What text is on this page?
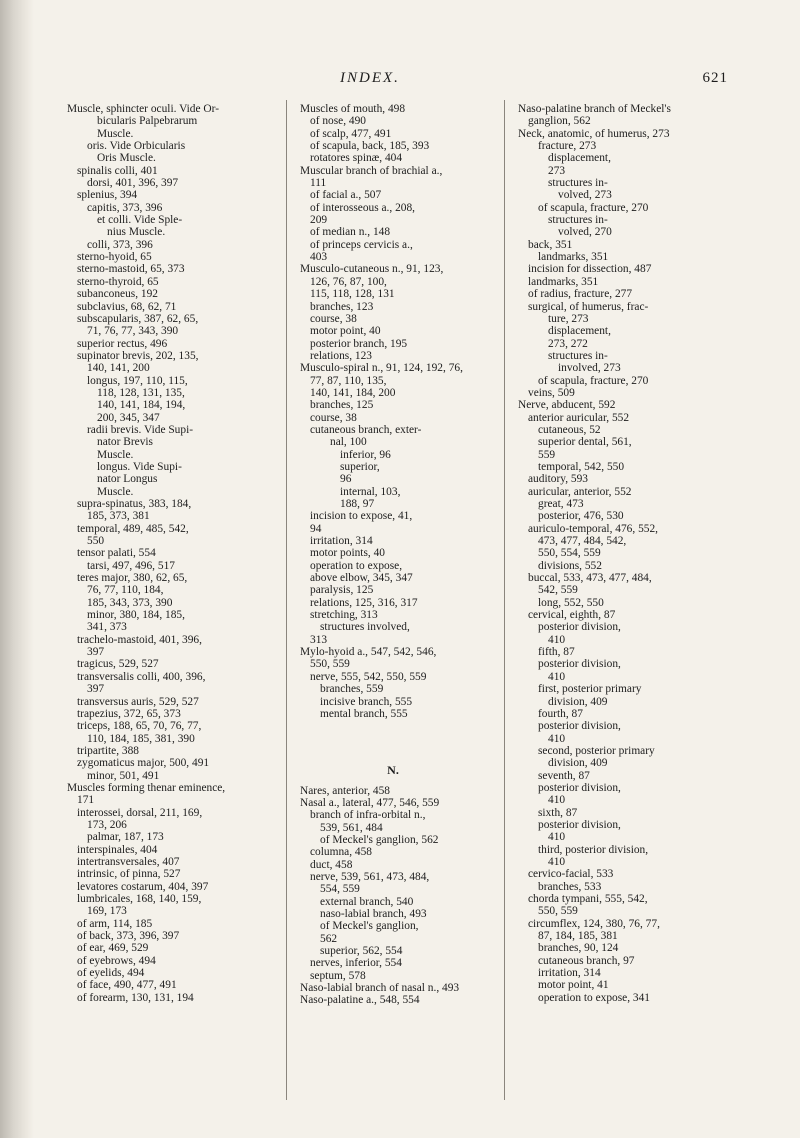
INDEX.	621
Muscle, sphincter oculi. Vide Or-
bicularis Palpebrarum
Muscle.
oris. Vide Orbicularis
Oris Muscle.
spinalis colli, 401
dorsi, 401, 396, 397
splenius, 394
capitis, 373, 396
et colli. Vide Sple-
nius Muscle.
colli, 373, 396
sterno-hyoid, 65
sterno-mastoid, 65, 373
sterno-thyroid, 65
subanconeus, 192
subclavius, 68, 62, 71
subscapularis, 387, 62, 65,
71, 76, 77, 343, 390
superior rectus, 496
supinator brevis, 202, 135,
140, 141, 200
longus, 197, 110, 115,
118, 128, 131, 135,
140, 141, 184, 194,
200, 345, 347
radii brevis. Vide Supi-
nator Brevis
Muscle.
longus. Vide Supi-
nator Longus
Muscle.
supra-spinatus, 383, 184,
185, 373, 381
temporal, 489, 485, 542,
550
tensor palati, 554
tarsi, 497, 496, 517
teres major, 380, 62, 65,
76, 77, 110, 184,
185, 343, 373, 390
minor, 380, 184, 185,
341, 373
trachelo-mastoid, 401, 396,
397
tragicus, 529, 527
transversalis colli, 400, 396,
397
transversus auris, 529, 527
trapezius, 372, 65, 373
triceps, 188, 65, 70, 76, 77,
110, 184, 185, 381, 390
tripartite, 388
zygomaticus major, 500, 491
minor, 501, 491
Muscles forming thenar eminence,
171
interossei, dorsal, 211, 169,
173, 206
palmar, 187, 173
interspinales, 404
intertransversales, 407
intrinsic, of pinna, 527
levatores costarum, 404, 397
lumbricales, 168, 140, 159,
169, 173
of arm, 114, 185
of back, 373, 396, 397
of ear, 469, 529
of eyebrows, 494
of eyelids, 494
of face, 490, 477, 491
of forearm, 130, 131, 194
Muscles of mouth, 498
of nose, 490
of scalp, 477, 491
of scapula, back, 185, 393
rotatores spinæ, 404
Muscular branch of brachial a.,
111
of facial a., 507
of interosseous a., 208,
209
of median n., 148
of princeps cervicis a.,
403
Musculo-cutaneous n., 91, 123,
126, 76, 87, 100,
115, 118, 128, 131
branches, 123
course, 38
motor point, 40
posterior branch, 195
relations, 123
Musculo-spiral n., 91, 124, 192, 76,
77, 87, 110, 135,
140, 141, 184, 200
branches, 125
course, 38
cutaneous branch, exter-
nal, 100
inferior, 96
superior,
96
internal, 103,
188, 97
incision to expose, 41,
94
irritation, 314
motor points, 40
operation to expose,
above elbow, 345, 347
paralysis, 125
relations, 125, 316, 317
stretching, 313
structures involved,
313
Mylo-hyoid a., 547, 542, 546,
550, 559
nerve, 555, 542, 550, 559
branches, 559
incisive branch, 555
mental branch, 555
N.
Nares, anterior, 458
Nasal a., lateral, 477, 546, 559
branch of infra-orbital n.,
539, 561, 484
of Meckel's ganglion, 562
columna, 458
duct, 458
nerve, 539, 561, 473, 484,
554, 559
external branch, 540
naso-labial branch, 493
of Meckel's ganglion,
562
superior, 562, 554
nerves, inferior, 554
septum, 578
Naso-labial branch of nasal n., 493
Naso-palatine a., 548, 554
Naso-palatine branch of Meckel's
ganglion, 562
Neck, anatomic, of humerus, 273
fracture, 273
displacement,
273
structures in-
volved, 273
of scapula, fracture, 270
structures in-
volved, 270
back, 351
landmarks, 351
incision for dissection, 487
landmarks, 351
of radius, fracture, 277
surgical, of humerus, frac-
ture, 273
displacement,
273, 272
structures in-
involved, 273
of scapula, fracture, 270
veins, 509
Nerve, abducent, 592
anterior auricular, 552
cutaneous, 52
superior dental, 561,
559
temporal, 542, 550
auditory, 593
auricular, anterior, 552
great, 473
posterior, 476, 530
auriculo-temporal, 476, 552,
473, 477, 484, 542,
550, 554, 559
divisions, 552
buccal, 533, 473, 477, 484,
542, 559
long, 552, 550
cervical, eighth, 87
posterior division,
410
fifth, 87
posterior division,
410
first, posterior primary
division, 409
fourth, 87
posterior division,
410
second, posterior primary
division, 409
seventh, 87
posterior division,
410
sixth, 87
posterior division,
410
third, posterior division,
410
cervico-facial, 533
branches, 533
chorda tympani, 555, 542,
550, 559
circumflex, 124, 380, 76, 77,
87, 184, 185, 381
branches, 90, 124
cutaneous branch, 97
irritation, 314
motor point, 41
operation to expose, 341
